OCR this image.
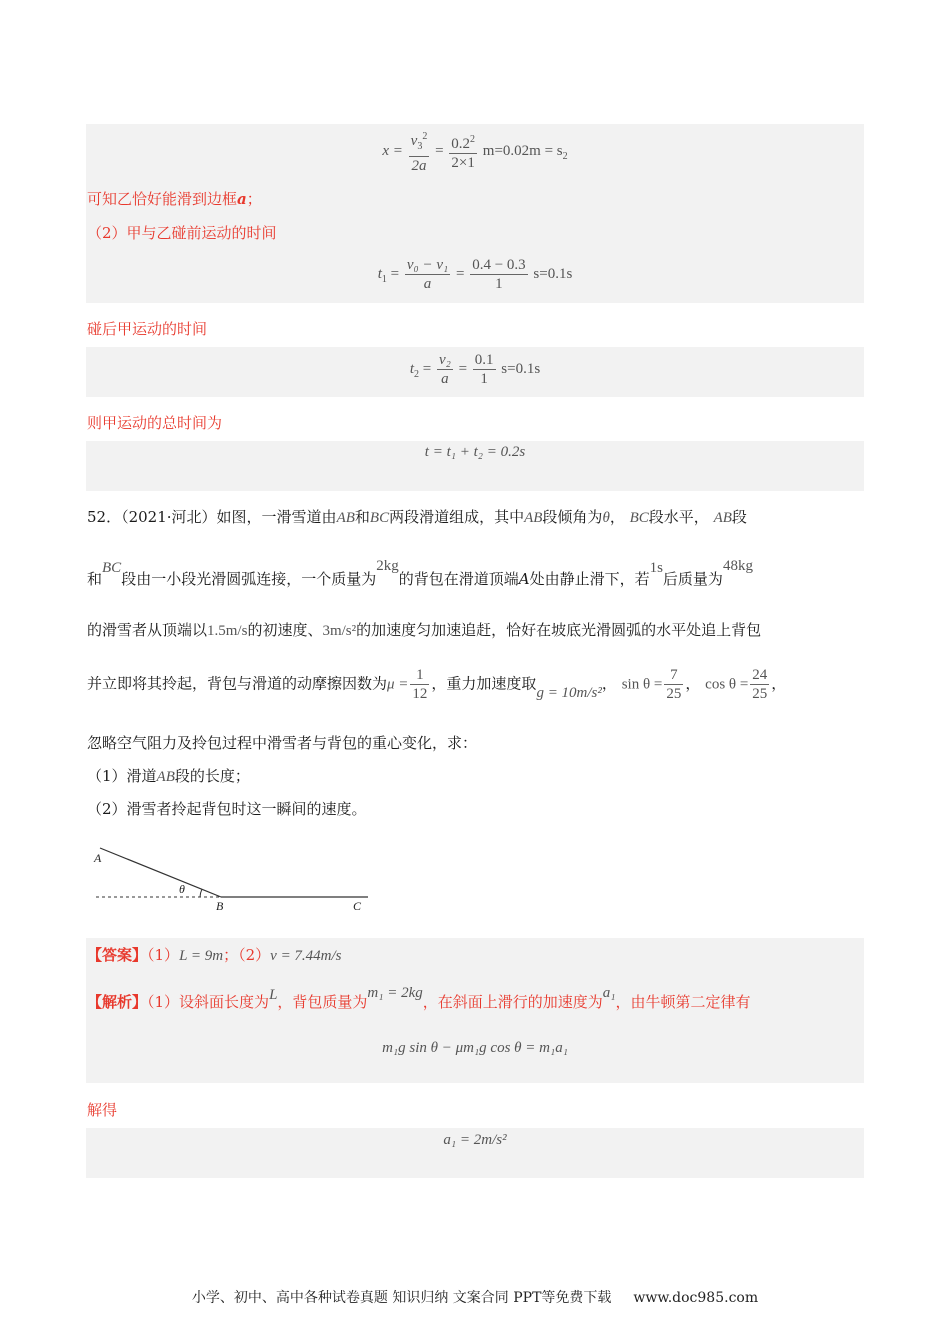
$x = \frac{v_3^2}{2a} = \frac{0.2^2}{2\times 1} m=0.02m = s_2$
可知乙恰好能滑到边框a；
（2）甲与乙碰前运动的时间
$t_1 = \frac{\text{v₀ − v₁}}{a} = \frac{0.4 - 0.3}{1} s=0.1s$
碰后甲运动的时间
$t_2 = \frac{\text{v₂}}{a} = \frac{0.1}{1} s=0.1s$
则甲运动的总时间为
t = t₁ + t₂ = 0.2s
52．（2021·河北）如图，一滑雪道由AB和BC两段滑道组成，其中AB段倾角为θ， BC段水平， AB段
和BC段由一小段光滑圆弧连接，一个质量为2kg的背包在滑道顶端A处由静止滑下，若1s后质量为48kg
的滑雪者从顶端以1.5m/s的初速度、3m/s²的加速度匀加速追赶，恰好在坡底光滑圆弧的水平处追上背包
并立即将其拎起，背包与滑道的动摩擦因数为$\mu = \frac{1}{12}$ ，重力加速度取g = 10m/s²， $\sin \theta = \frac{7}{25}$ ， $\cos \theta = \frac{24}{25}$ ，
忽略空气阻力及拎包过程中滑雪者与背包的重心变化，求：
（1）滑道AB段的长度；
（2）滑雪者拎起背包时这一瞬间的速度。
A
θ
B	C
【答案】（1）L = 9m；（2）v = 7.44m/s
【解析】（1）设斜面长度为L，背包质量为m₁ = 2kg，在斜面上滑行的加速度为a₁，由牛顿第二定律有
m₁g sin θ − μm₁g cos θ = m₁a₁
解得
a₁ = 2m/s²
小学、初中、高中各种试卷真题 知识归纳 文案合同 PPT等免费下载 www.doc985.com
